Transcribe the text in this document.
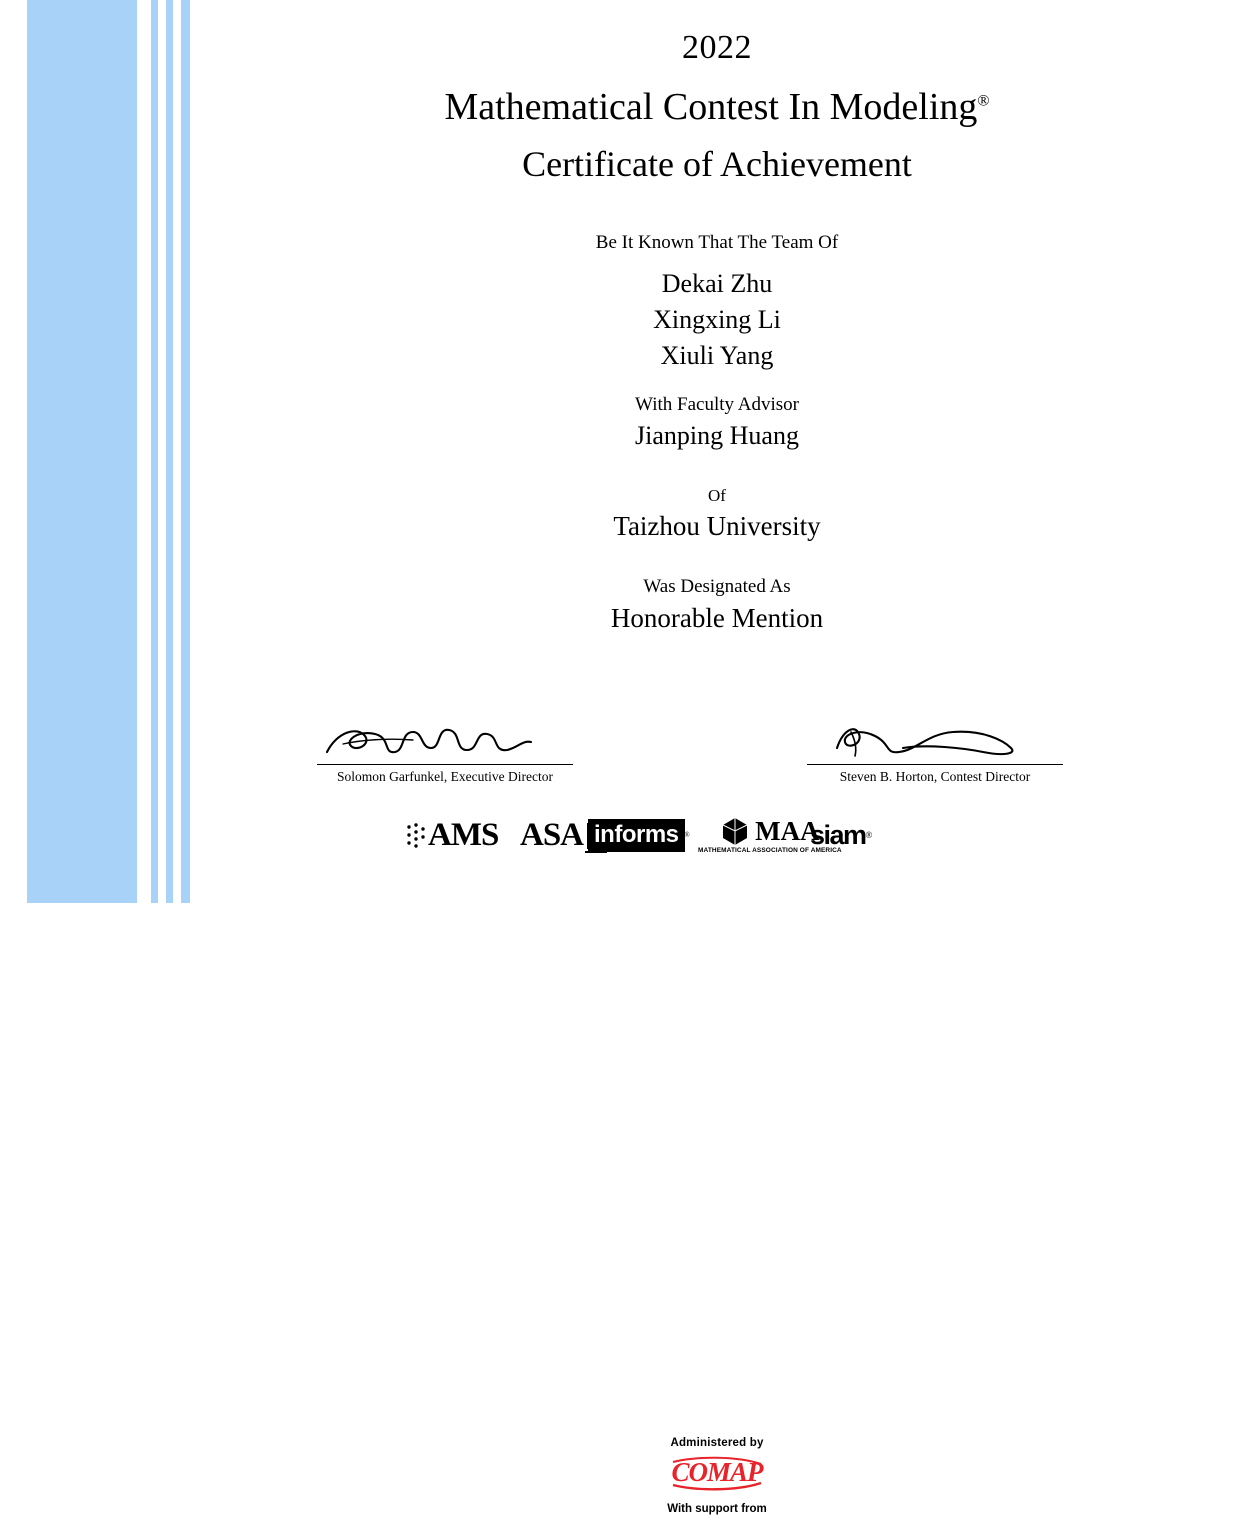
2022
Mathematical Contest In Modeling®
Certificate of Achievement
Be It Known That The Team Of
Dekai Zhu
Xingxing Li
Xiuli Yang
With Faculty Advisor
Jianping Huang
Of
Taizhou University
Was Designated As
Honorable Mention
Solomon Garfunkel, Executive Director	Steven B. Horton, Contest Director
Administered by
COMAP
With support from
AMS ASA informs ® MAA
MATHEMATICAL ASSOCIATION OF AMERICA
siam ®
